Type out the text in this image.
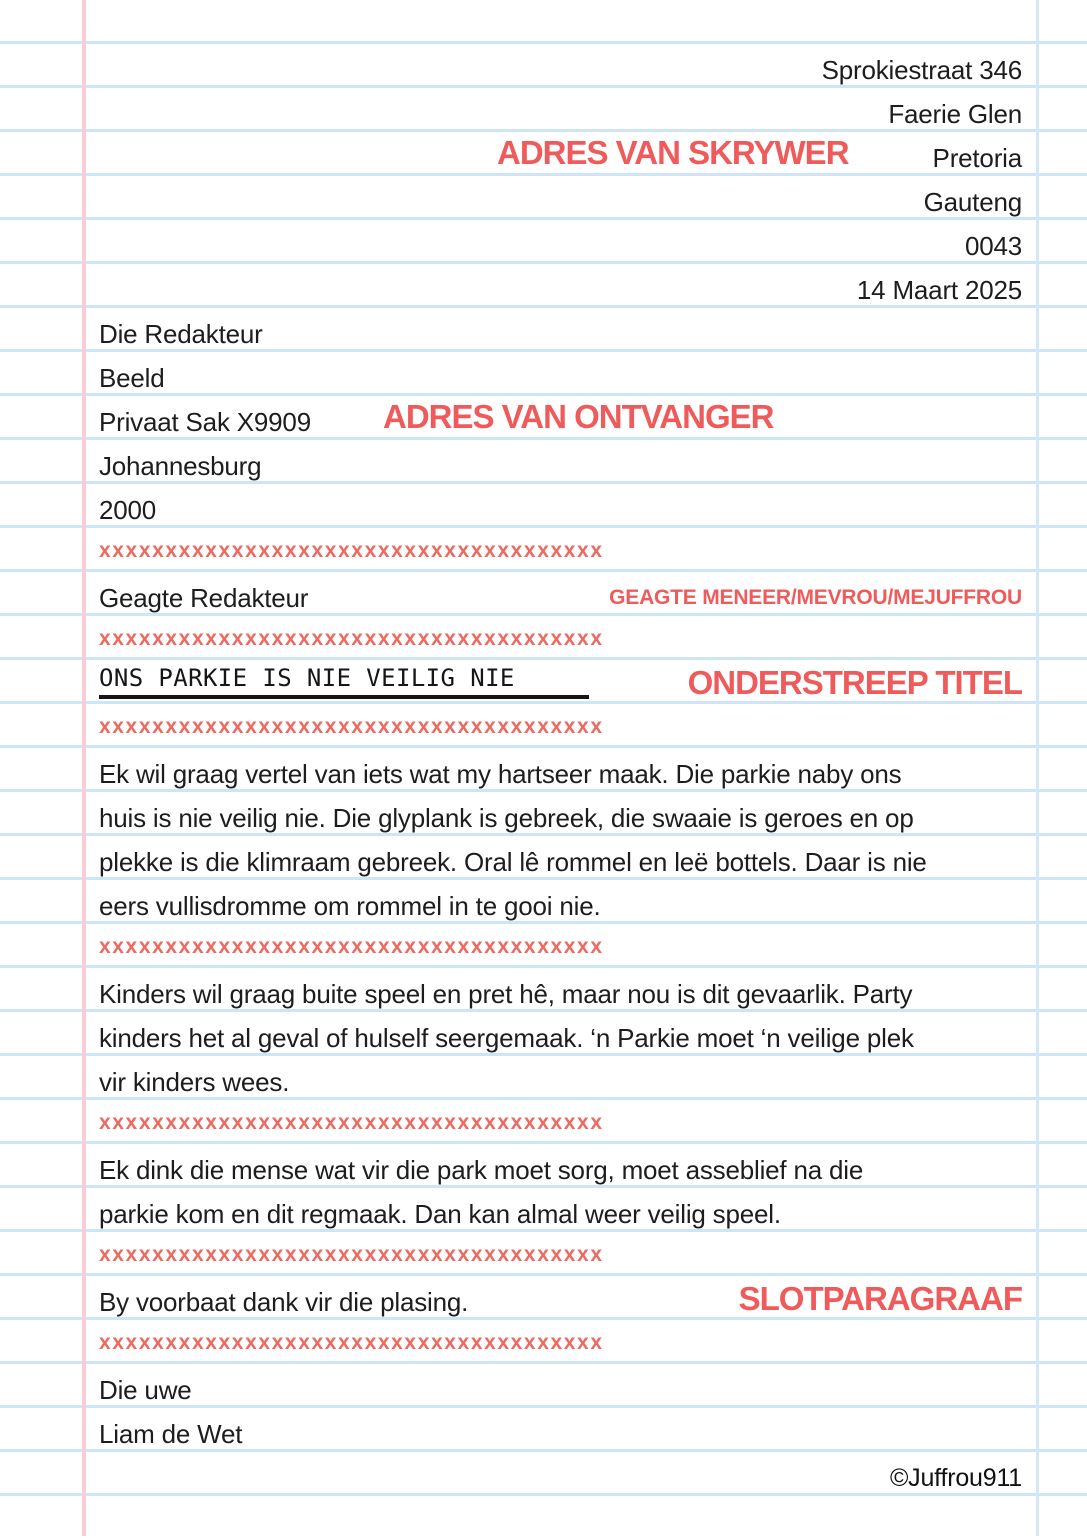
Sprokiestraat 346
Faerie Glen
ADRES VAN SKRYWER	Pretoria
Gauteng
0043
14 Maart 2025
Die Redakteur
Beeld
Privaat Sak X9909 ADRES VAN ONTVANGER
Johannesburg
2000
xxxxxxxxxxxxxxxxxxxxxxxxxxxxxxxxxxxxxx
Geagte Redakteur	GEAGTE MENEER/MEVROU/MEJUFFROU
xxxxxxxxxxxxxxxxxxxxxxxxxxxxxxxxxxxxxx
ONS PARKIE IS NIE VEILIG NIE	ONDERSTREEP TITEL
xxxxxxxxxxxxxxxxxxxxxxxxxxxxxxxxxxxxxx
Ek wil graag vertel van iets wat my hartseer maak. Die parkie naby ons
huis is nie veilig nie. Die glyplank is gebreek, die swaaie is geroes en op
plekke is die klimraam gebreek. Oral lê rommel en leë bottels. Daar is nie
eers vullisdromme om rommel in te gooi nie.
xxxxxxxxxxxxxxxxxxxxxxxxxxxxxxxxxxxxxx
Kinders wil graag buite speel en pret hê, maar nou is dit gevaarlik. Party
kinders het al geval of hulself seergemaak. ‘n Parkie moet ‘n veilige plek
vir kinders wees.
xxxxxxxxxxxxxxxxxxxxxxxxxxxxxxxxxxxxxx
Ek dink die mense wat vir die park moet sorg, moet asseblief na die
parkie kom en dit regmaak. Dan kan almal weer veilig speel.
xxxxxxxxxxxxxxxxxxxxxxxxxxxxxxxxxxxxxx
By voorbaat dank vir die plasing.	SLOTPARAGRAAF
xxxxxxxxxxxxxxxxxxxxxxxxxxxxxxxxxxxxxx
Die uwe
Liam de Wet
©Juffrou911
